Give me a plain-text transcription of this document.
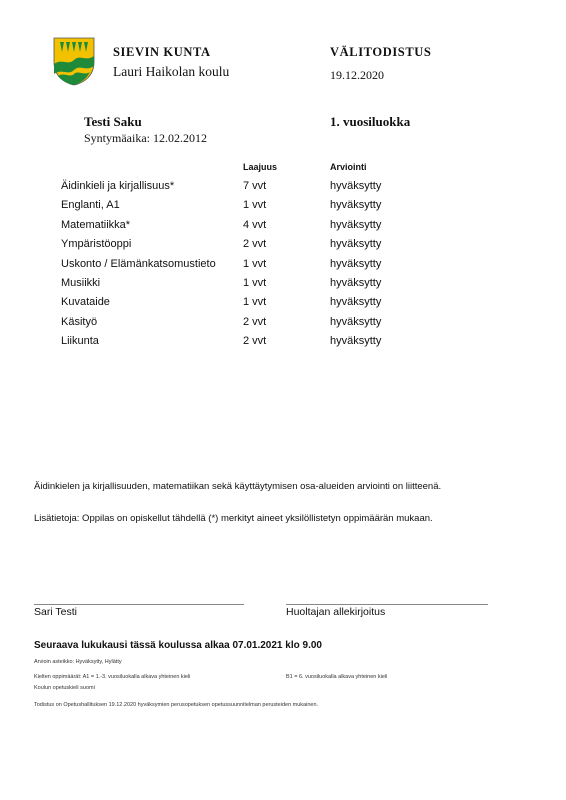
SIEVIN KUNTA
Lauri Haikolan koulu
VÄLITODISTUS
19.12.2020
Testi Saku
Syntymäaika: 12.02.2012
1. vuosiluokka
Laajuus	Arviointi
Äidinkieli ja kirjallisuus*	7 vvt	hyväksytty
Englanti, A1	1 vvt	hyväksytty
Matematiikka*	4 vvt	hyväksytty
Ympäristöoppi	2 vvt	hyväksytty
Uskonto / Elämänkatsomustieto 1 vvt	hyväksytty
Musiikki	1 vvt	hyväksytty
Kuvataide	1 vvt	hyväksytty
Käsityö	2 vvt	hyväksytty
Liikunta	2 vvt	hyväksytty
Äidinkielen ja kirjallisuuden, matematiikan sekä käyttäytymisen osa-alueiden arviointi on liitteenä.
Lisätietoja: Oppilas on opiskellut tähdellä (*) merkityt aineet yksilöllistetyn oppimäärän mukaan.
Sari Testi	Huoltajan allekirjoitus
Seuraava lukukausi tässä koulussa alkaa 07.01.2021 klo 9.00
Arvioin asteikko: Hyväksytty, Hylätty
Kielten oppimäärät: A1 = 1.-3. vuosiluokalla alkava yhteinen kieli	B1 = 6. vuosiluokalla alkava yhteinen kieli
Koulun opetuskieli suomi
Todistus on Opetushallituksen 19.12.2020 hyväksymien perusopetuksen opetussuunnitelman perusteiden mukainen.
